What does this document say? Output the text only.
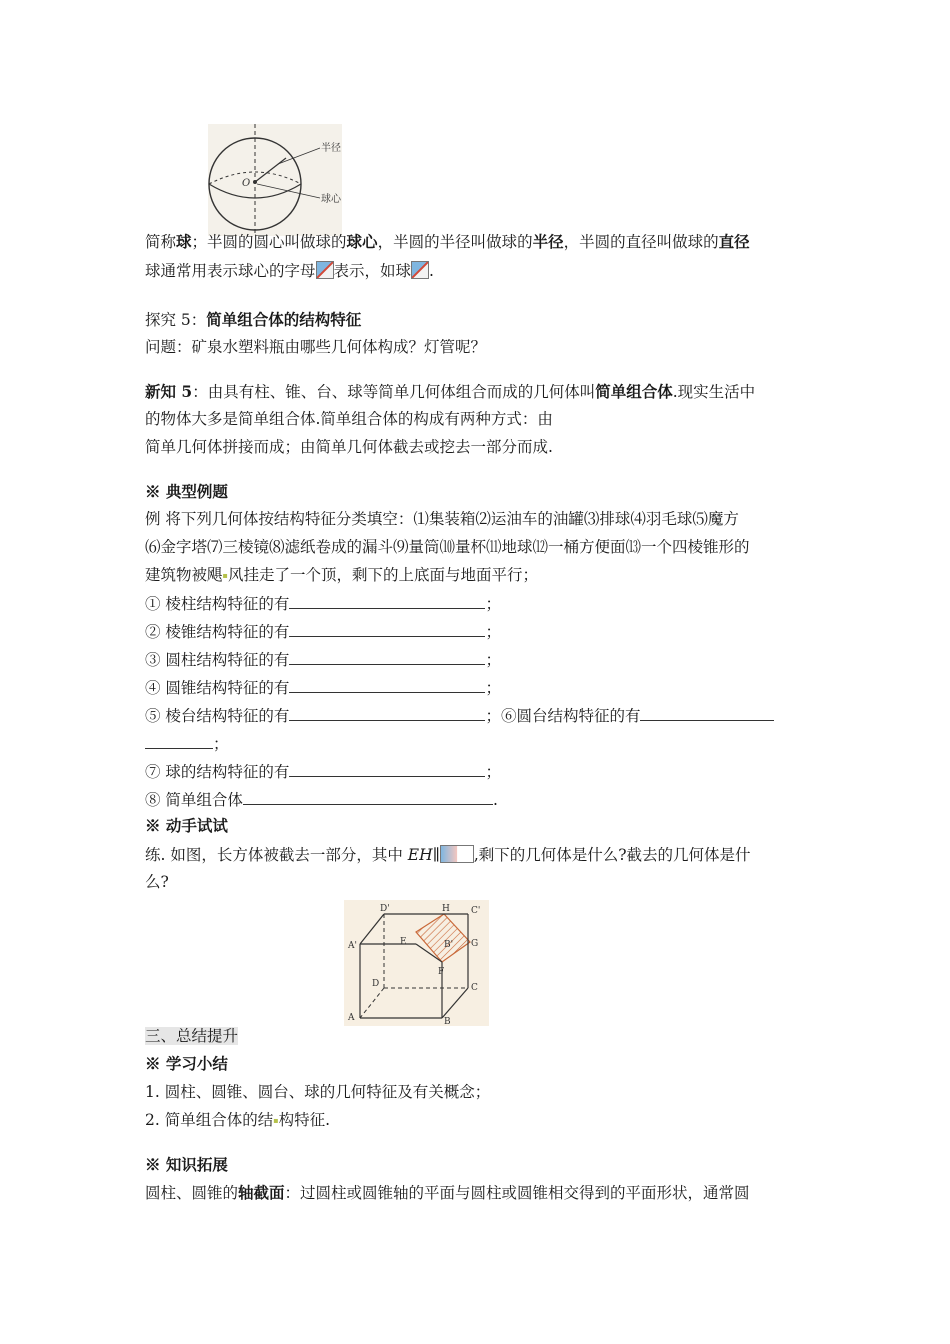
半径
球心
O
简称球；半圆的圆心叫做球的球心，半圆的半径叫做球的半径，半圆的直径叫做球的直径
球通常用表示球心的字母 表示，如球 .
探究 5：简单组合体的结构特征
问题：矿泉水塑料瓶由哪些几何体构成？灯管呢？
新知 5：由具有柱、锥、台、球等简单几何体组合而成的几何体叫简单组合体.现实生活中
的物体大多是简单组合体.简单组合体的构成有两种方式：由
简单几何体拼接而成；由简单几何体截去或挖去一部分而成.
※ 典型例题
例 将下列几何体按结构特征分类填空：⑴集装箱⑵运油车的油罐⑶排球⑷羽毛球⑸魔方
⑹金字塔⑺三棱镜⑻滤纸卷成的漏斗⑼量筒⑽量杯⑾地球⑿一桶方便面⒀一个四棱锥形的
建筑物被飓▪风挂走了一个顶，剩下的上底面与地面平行；
① 棱柱结构特征的有	；
② 棱锥结构特征的有	；
③ 圆柱结构特征的有	；
④ 圆锥结构特征的有	；
⑤ 棱台结构特征的有	；⑥圆台结构特征的有
；
⑦ 球的结构特征的有	；
⑧ 简单组合体	.
※ 动手试试
练. 如图，长方体被截去一部分，其中 EH∥ ,剩下的几何体是什么?截去的几何体是什
么?
D'	H C'
A'	E	B' G
D
F
C
A	B
三、总结提升
※ 学习小结
1. 圆柱、圆锥、圆台、球的几何特征及有关概念；
2. 简单组合体的结▪构特征.
※ 知识拓展
圆柱、圆锥的轴截面：过圆柱或圆锥轴的平面与圆柱或圆锥相交得到的平面形状，通常圆
